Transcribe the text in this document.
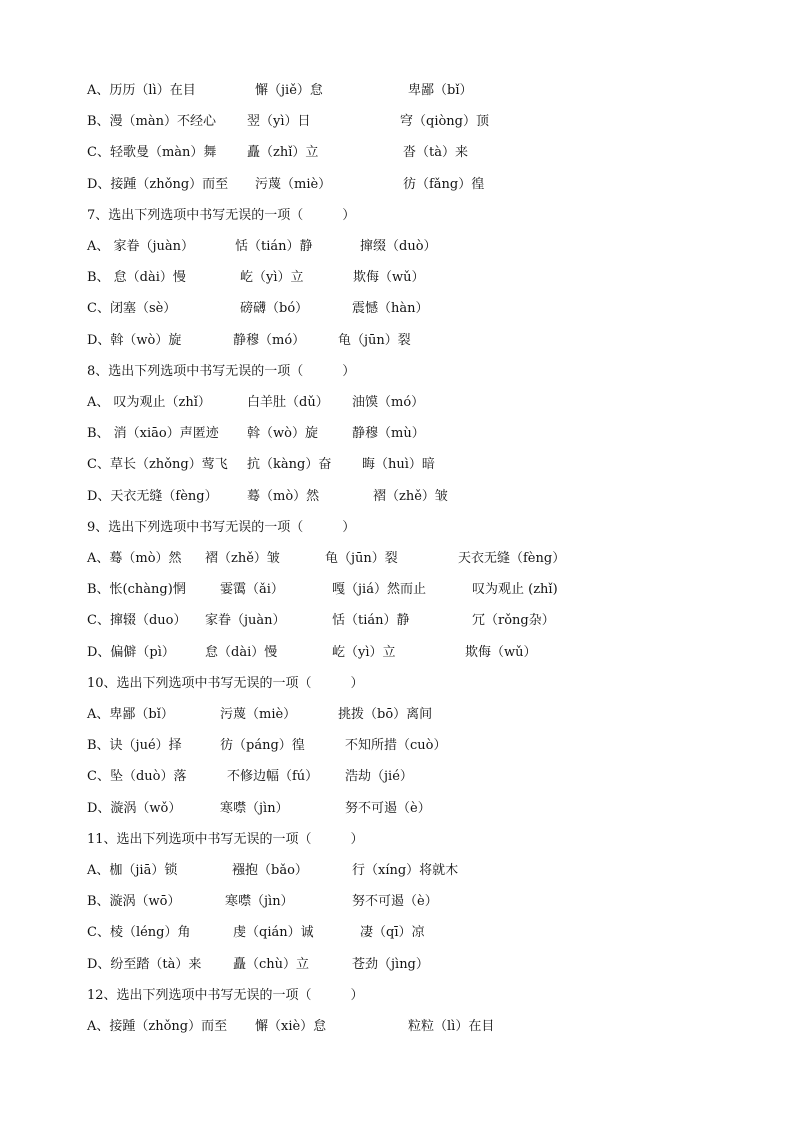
A、历历（lì）在目	懈（jiě）怠	卑鄙（bǐ）
B、漫（màn）不经心 翌（yì）日	穹（qiòng）顶
C、轻歌曼（màn）舞 矗（zhǐ）立	沓（tà）来
D、接踵（zhǒng）而至 污蔑（miè）	彷（fǎng）徨
7、选出下列选项中书写无误的一项（　　　）
A、 家眷（juàn）	恬（tián）静	撺缀（duò）
B、 怠（dài）慢	屹（yì）立	欺侮（wǔ）
C、闭塞（sè）	磅礴（bó）	震憾（hàn）
D、斡（wò）旋	静穆（mó）	龟（jūn）裂
8、选出下列选项中书写无误的一项（　　　）
A、 叹为观止（zhǐ）	白羊肚（dǔ） 油馍（mó）
B、 消（xiāo）声匿迹 斡（wò）旋	静穆（mù）
C、草长（zhǒng）莺飞 抗（kàng）奋 晦（huì）暗
D、天衣无缝（fèng） 蓦（mò）然	褶（zhě）皱
9、选出下列选项中书写无误的一项（　　　）
A、蓦（mò）然 褶（zhě）皱	龟（jūn）裂	天衣无缝（fèng）
B、怅(chàng)惘	霎霭（ǎi）	嘎（jiá）然而止	叹为观止 (zhǐ)
C、撺辍（duo） 家眷（juàn）	恬（tián）静	冗（rǒng杂）
D、偏僻（pì） 怠（dài）慢	屹（yì）立	欺侮（wǔ）
10、选出下列选项中书写无误的一项（　　　）
A、卑鄙（bǐ）	污蔑（miè）	挑拨（bō）离间
B、诀（jué）择	彷（páng）徨	不知所措（cuò）
C、坠（duò）落	不修边幅（fú） 浩劫（jié）
D、漩涡（wǒ）	寒噤（jìn）	努不可遏（è）
11、选出下列选项中书写无误的一项（　　　）
A、枷（jiā）锁	襁抱（bǎo）	行（xíng）将就木
B、漩涡（wō）	寒噤（jìn）	努不可遏（è）
C、棱（léng）角	虔（qián）诚	凄（qī）凉
D、纷至踏（tà）来 矗（chù）立	苍劲（jìng）
12、选出下列选项中书写无误的一项（　　　）
A、接踵（zhǒng）而至 懈（xiè）怠	粒粒（lì）在目
